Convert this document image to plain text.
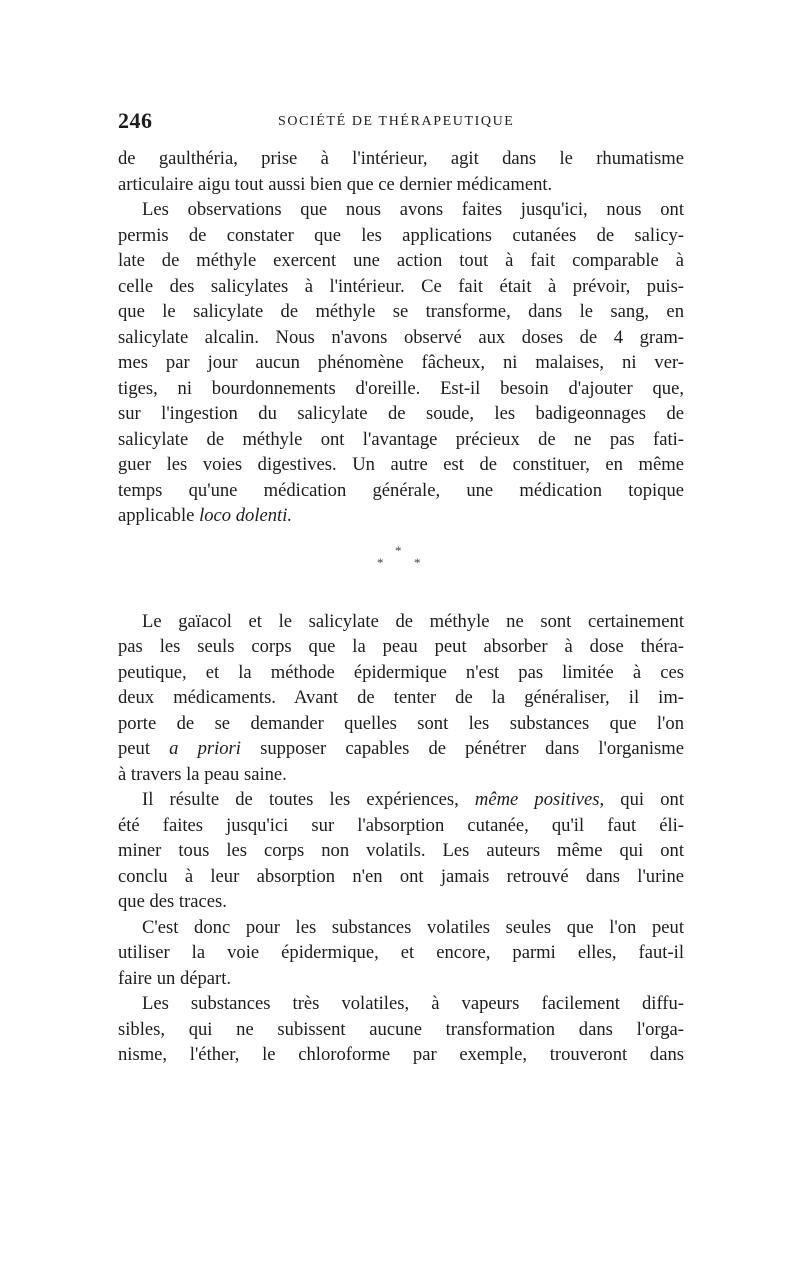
246	SOCIÉTÉ DE THÉRAPEUTIQUE
de gaulthéria, prise à l'intérieur, agit dans le rhumatisme
articulaire aigu tout aussi bien que ce dernier médicament.
Les observations que nous avons faites jusqu'ici, nous ont
permis de constater que les applications cutanées de salicy-
late de méthyle exercent une action tout à fait comparable à
celle des salicylates à l'intérieur. Ce fait était à prévoir, puis-
que le salicylate de méthyle se transforme, dans le sang, en
salicylate alcalin. Nous n'avons observé aux doses de 4 gram-
mes par jour aucun phénomène fâcheux, ni malaises, ni ver-
tiges, ni bourdonnements d'oreille. Est-il besoin d'ajouter que,
sur l'ingestion du salicylate de soude, les badigeonnages de
salicylate de méthyle ont l'avantage précieux de ne pas fati-
guer les voies digestives. Un autre est de constituer, en même
temps qu'une médication générale, une médication topique
applicable loco dolenti.
*
* *
Le gaïacol et le salicylate de méthyle ne sont certainement
pas les seuls corps que la peau peut absorber à dose théra-
peutique, et la méthode épidermique n'est pas limitée à ces
deux médicaments. Avant de tenter de la généraliser, il im-
porte de se demander quelles sont les substances que l'on
peut a priori supposer capables de pénétrer dans l'organisme
à travers la peau saine.
Il résulte de toutes les expériences, même positives, qui ont
été faites jusqu'ici sur l'absorption cutanée, qu'il faut éli-
miner tous les corps non volatils. Les auteurs même qui ont
conclu à leur absorption n'en ont jamais retrouvé dans l'urine
que des traces.
C'est donc pour les substances volatiles seules que l'on peut
utiliser la voie épidermique, et encore, parmi elles, faut-il
faire un départ.
Les substances très volatiles, à vapeurs facilement diffu-
sibles, qui ne subissent aucune transformation dans l'orga-
nisme, l'éther, le chloroforme par exemple, trouveront dans
